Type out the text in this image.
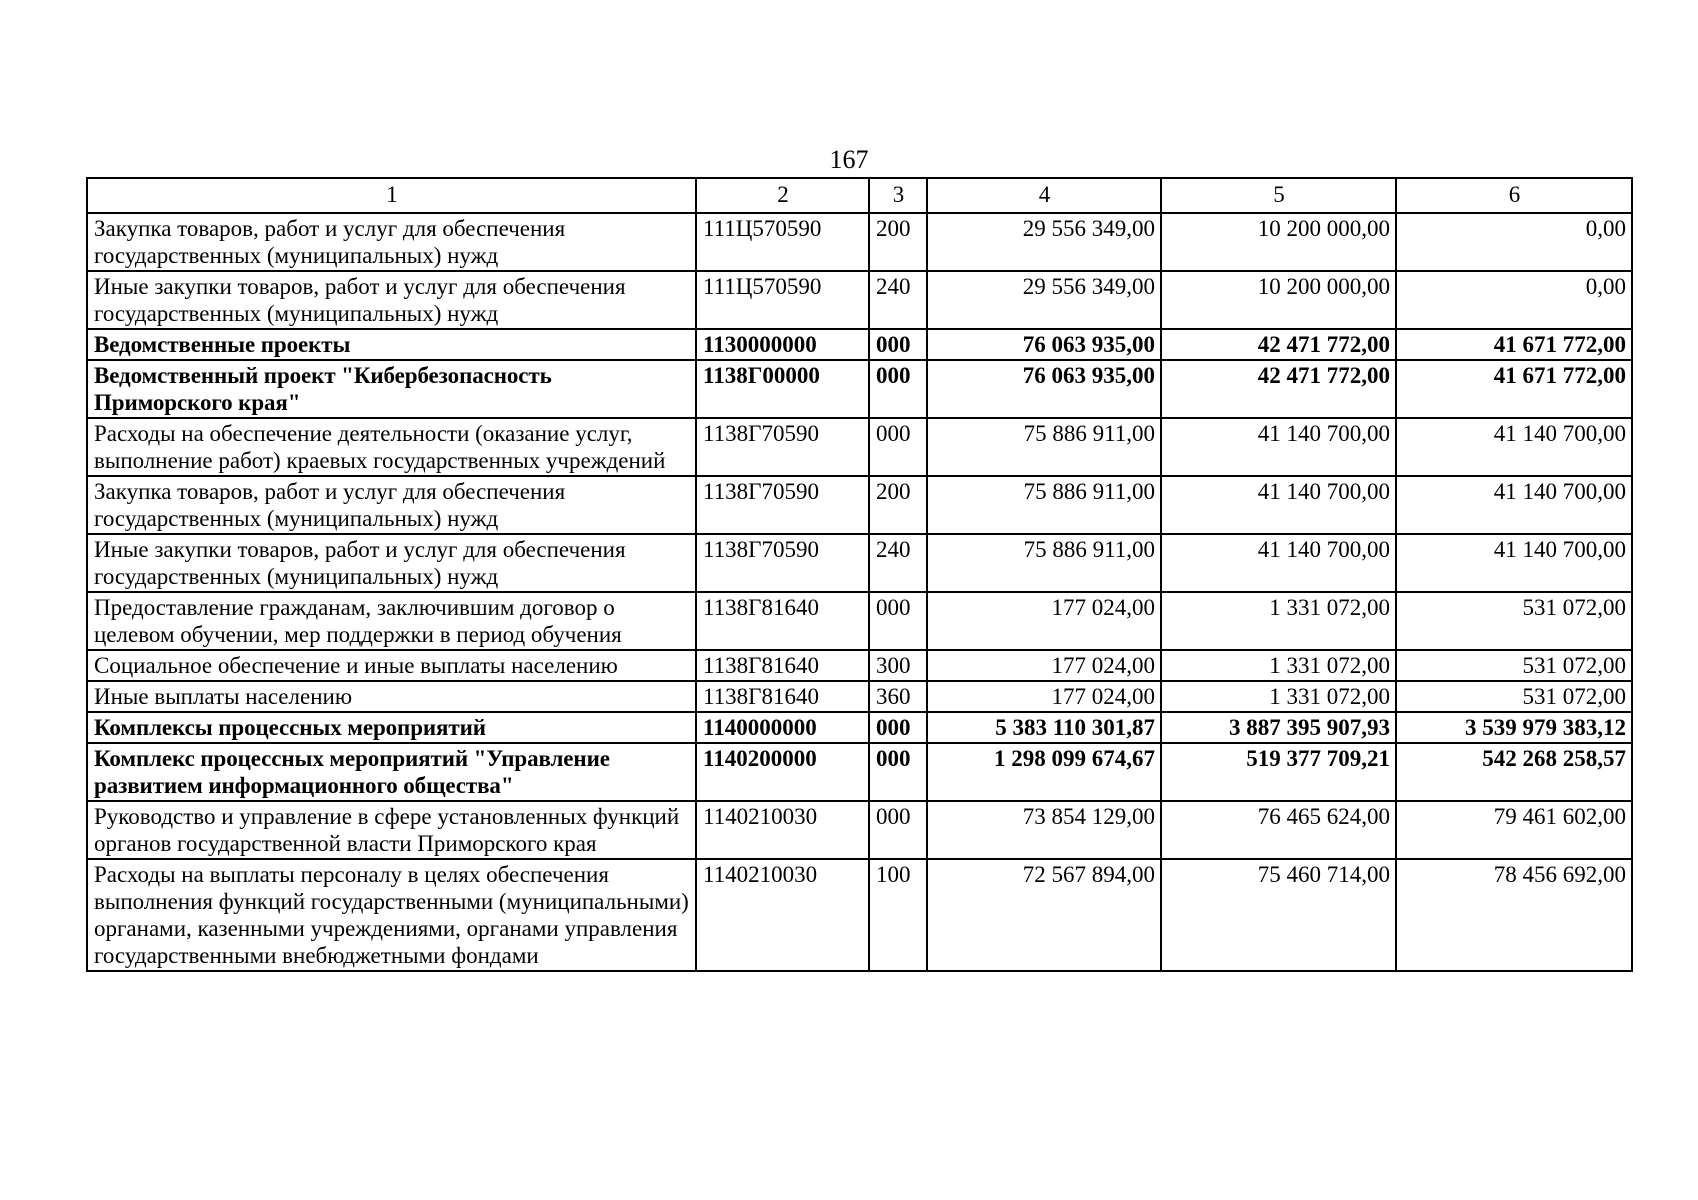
167
1	2	3	4	5	6
Закупка товаров, работ и услуг для обеспечения государственных (муниципальных) нужд	111Ц570590	200	29 556 349,00	10 200 000,00	0,00
Иные закупки товаров, работ и услуг для обеспечения государственных (муниципальных) нужд	111Ц570590	240	29 556 349,00	10 200 000,00	0,00
Ведомственные проекты	1130000000	000	76 063 935,00	42 471 772,00	41 671 772,00
Ведомственный проект "Кибербезопасность Приморского края"	1138Г00000	000	76 063 935,00	42 471 772,00	41 671 772,00
Расходы на обеспечение деятельности (оказание услуг, выполнение работ) краевых государственных учреждений	1138Г70590	000	75 886 911,00	41 140 700,00	41 140 700,00
Закупка товаров, работ и услуг для обеспечения государственных (муниципальных) нужд	1138Г70590	200	75 886 911,00	41 140 700,00	41 140 700,00
Иные закупки товаров, работ и услуг для обеспечения государственных (муниципальных) нужд	1138Г70590	240	75 886 911,00	41 140 700,00	41 140 700,00
Предоставление гражданам, заключившим договор о целевом обучении, мер поддержки в период обучения	1138Г81640	000	177 024,00	1 331 072,00	531 072,00
Социальное обеспечение и иные выплаты населению	1138Г81640	300	177 024,00	1 331 072,00	531 072,00
Иные выплаты населению	1138Г81640	360	177 024,00	1 331 072,00	531 072,00
Комплексы процессных мероприятий	1140000000	000	5 383 110 301,87	3 887 395 907,93	3 539 979 383,12
Комплекс процессных мероприятий "Управление развитием информационного общества"	1140200000	000	1 298 099 674,67	519 377 709,21	542 268 258,57
Руководство и управление в сфере установленных функций органов государственной власти Приморского края	1140210030	000	73 854 129,00	76 465 624,00	79 461 602,00
Расходы на выплаты персоналу в целях обеспечения выполнения функций государственными (муниципальными) органами, казенными учреждениями, органами управления государственными внебюджетными фондами	1140210030	100	72 567 894,00	75 460 714,00	78 456 692,00
